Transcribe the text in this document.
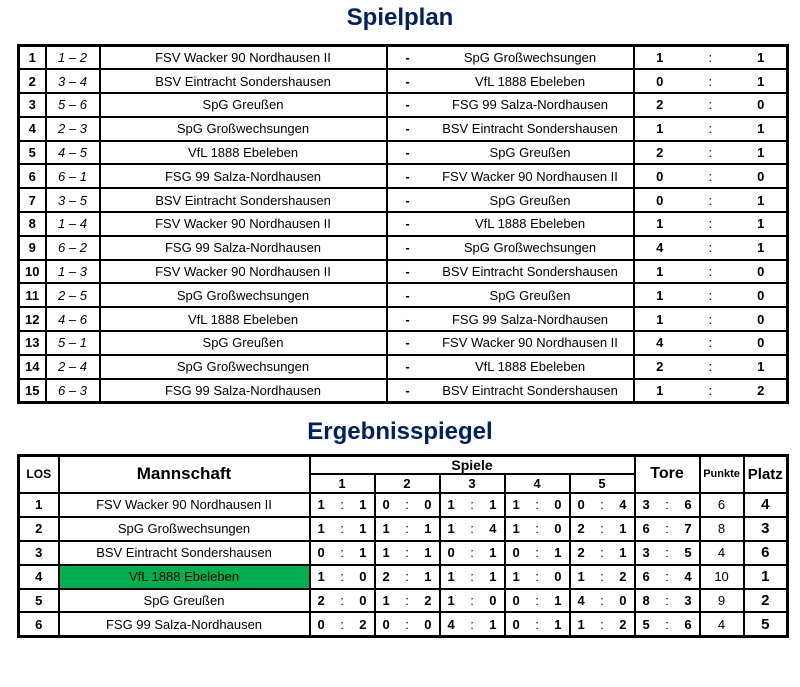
Spielplan
1	1 – 2	FSV Wacker 90 Nordhausen II	- SpG Großwechsungen	1 : 1

2	3 – 4	BSV Eintracht Sondershausen	- VfL 1888 Ebeleben	0 : 1

3	5 – 6	SpG Greußen	- FSG 99 Salza-Nordhausen	2 : 0

4	2 – 3	SpG Großwechsungen	- BSV Eintracht Sondershausen	1 : 1

5	4 – 5	VfL 1888 Ebeleben	- SpG Greußen	2 : 1

6	6 – 1	FSG 99 Salza-Nordhausen	- FSV Wacker 90 Nordhausen II	0 : 0

7	3 – 5	BSV Eintracht Sondershausen	- SpG Greußen	0 : 1

8	1 – 4	FSV Wacker 90 Nordhausen II	- VfL 1888 Ebeleben	1 : 1

9	6 – 2	FSG 99 Salza-Nordhausen	- SpG Großwechsungen	4 : 1

10	1 – 3	FSV Wacker 90 Nordhausen II	- BSV Eintracht Sondershausen	1 : 0

11	2 – 5	SpG Großwechsungen	- SpG Greußen	1 : 0

12	4 – 6	VfL 1888 Ebeleben	- FSG 99 Salza-Nordhausen	1 : 0

13	5 – 1	SpG Greußen	- FSV Wacker 90 Nordhausen II	4 : 0

14	2 – 4	SpG Großwechsungen	- VfL 1888 Ebeleben	2 : 1

15	6 – 3	FSG 99 Salza-Nordhausen	- BSV Eintracht Sondershausen	1 : 2
Ergebnisspiegel
LOS	Mannschaft	Spiele					Tore	Punkte	Platz
		1	2	3	4	5			
1	FSV Wacker 90 Nordhausen II	1 : 1	0 : 0	1 : 1	1 : 0	0 : 4	3 : 6	6	4
2	SpG Großwechsungen	1 : 1	1 : 1	1 : 4	1 : 0	2 : 1	6 : 7	8	3
3	BSV Eintracht Sondershausen	0 : 1	1 : 1	0 : 1	0 : 1	2 : 1	3 : 5	4	6
4	VfL 1888 Ebeleben	1 : 0	2 : 1	1 : 1	1 : 0	1 : 2	6 : 4	10	1
5	SpG Greußen	2 : 0	1 : 2	1 : 0	0 : 1	4 : 0	8 : 3	9	2
6	FSG 99 Salza-Nordhausen	0 : 2	0 : 0	4 : 1	0 : 1	1 : 2	5 : 6	4	5
